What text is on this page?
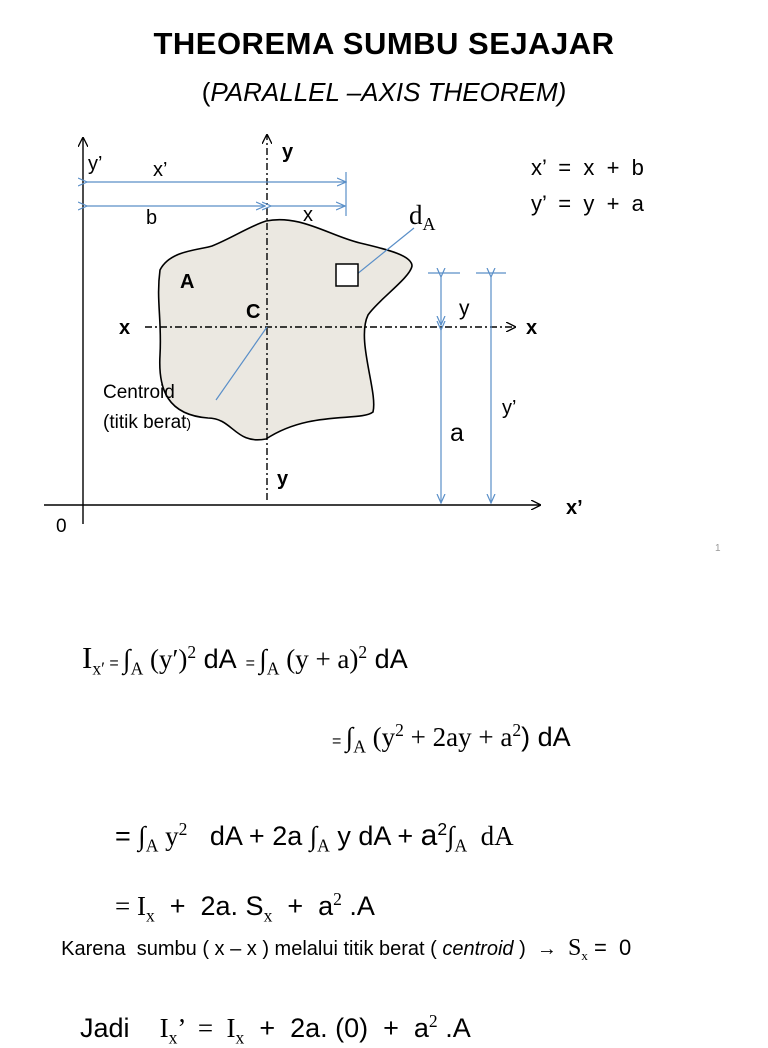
THEOREMA SUMBU SEJAJAR
(PARALLEL –AXIS THEOREM)
0
y’
x’
y
y
x	x
x’
b	x
y
y’
a
A
C
Centroid
(titik berat)
$d_A$
x’  =  x  +  b
y’  =  y  +  a
1
$I_{x'} = \int_A$ $(y')^2$ dA  = $\int_A$ $(y + a)^2$ dA
= $\int_A$ $(y^2 + 2ay + a^2)$ dA

= $\int_A$ $y^2$   dA + 2a $\int_A$ y dA + $a^2\int_A$  dA

= $I_x + 2a$. $S_x + a^2$ .A

Karena  sumbu ( x – x ) melalui titik berat ( centroid )  →  $S_x = 0$

Jadi $I_x$’  =  $I_x + 2a$. $(0) + a^2$ .A
